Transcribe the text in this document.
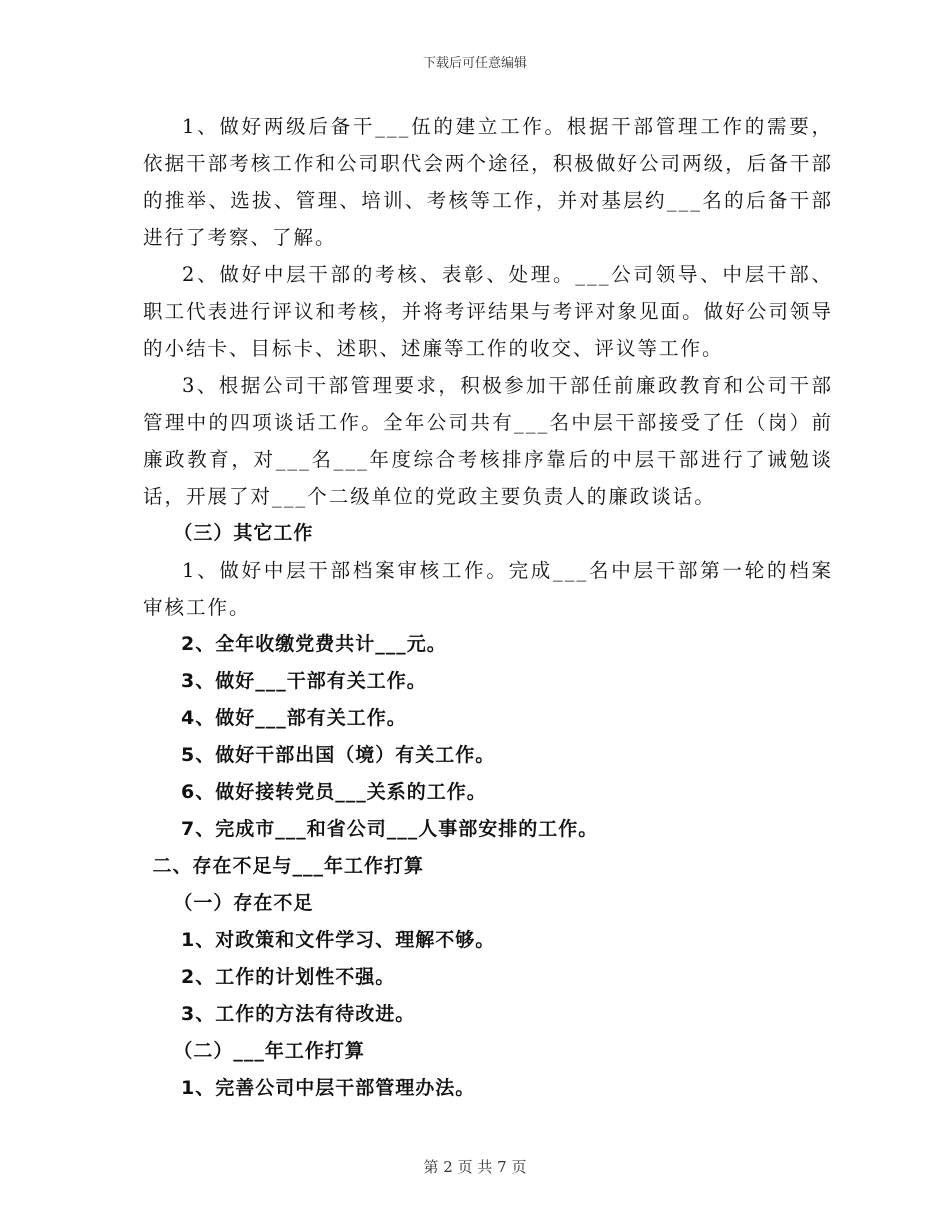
下载后可任意编辑

1、做好两级后备干___伍的建立工作。根据干部管理工作的需要，依据干部考核工作和公司职代会两个途径，积极做好公司两级，后备干部的推举、选拔、管理、培训、考核等工作，并对基层约___名的后备干部进行了考察、了解。

2、做好中层干部的考核、表彰、处理。___公司领导、中层干部、职工代表进行评议和考核，并将考评结果与考评对象见面。做好公司领导的小结卡、目标卡、述职、述廉等工作的收交、评议等工作。

3、根据公司干部管理要求，积极参加干部任前廉政教育和公司干部管理中的四项谈话工作。全年公司共有___名中层干部接受了任（岗）前廉政教育，对___名___年度综合考核排序靠后的中层干部进行了诫勉谈话，开展了对___个二级单位的党政主要负责人的廉政谈话。

（三）其它工作

1、做好中层干部档案审核工作。完成___名中层干部第一轮的档案审核工作。

2、全年收缴党费共计___元。

3、做好___干部有关工作。

4、做好___部有关工作。

5、做好干部出国（境）有关工作。

6、做好接转党员___关系的工作。

7、完成市___和省公司___人事部安排的工作。

二、存在不足与___年工作打算

（一）存在不足

1、对政策和文件学习、理解不够。

2、工作的计划性不强。

3、工作的方法有待改进。

（二）___年工作打算

1、完善公司中层干部管理办法。

第 2 页 共 7 页
